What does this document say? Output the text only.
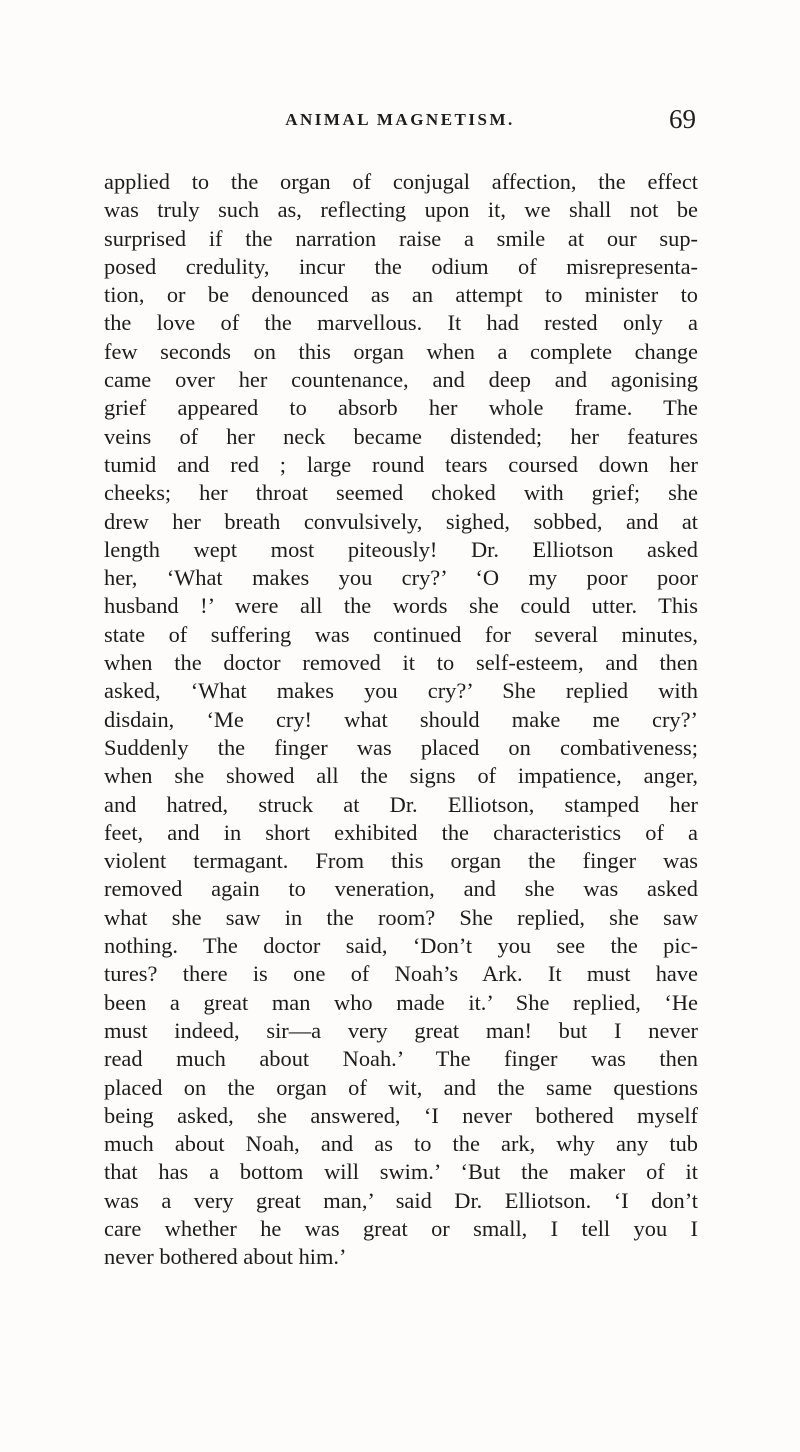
ANIMAL MAGNETISM.	69
applied to the organ of conjugal affection, the effect
was truly such as, reflecting upon it, we shall not be
surprised if the narration raise a smile at our sup-
posed credulity, incur the odium of misrepresenta-
tion, or be denounced as an attempt to minister to
the love of the marvellous. It had rested only a
few seconds on this organ when a complete change
came over her countenance, and deep and agonising
grief appeared to absorb her whole frame. The
veins of her neck became distended; her features
tumid and red ; large round tears coursed down her
cheeks; her throat seemed choked with grief; she
drew her breath convulsively, sighed, sobbed, and at
length wept most piteously! Dr. Elliotson asked
her, ‘What makes you cry?’ ‘O my poor poor
husband !’ were all the words she could utter. This
state of suffering was continued for several minutes,
when the doctor removed it to self-esteem, and then
asked, ‘What makes you cry?’ She replied with
disdain, ‘Me cry! what should make me cry?’
Suddenly the finger was placed on combativeness;
when she showed all the signs of impatience, anger,
and hatred, struck at Dr. Elliotson, stamped her
feet, and in short exhibited the characteristics of a
violent termagant. From this organ the finger was
removed again to veneration, and she was asked
what she saw in the room? She replied, she saw
nothing. The doctor said, ‘Don’t you see the pic-
tures? there is one of Noah’s Ark. It must have
been a great man who made it.’ She replied, ‘He
must indeed, sir—a very great man! but I never
read much about Noah.’ The finger was then
placed on the organ of wit, and the same questions
being asked, she answered, ‘I never bothered myself
much about Noah, and as to the ark, why any tub
that has a bottom will swim.’ ‘But the maker of it
was a very great man,’ said Dr. Elliotson. ‘I don’t
care whether he was great or small, I tell you I
never bothered about him.’
